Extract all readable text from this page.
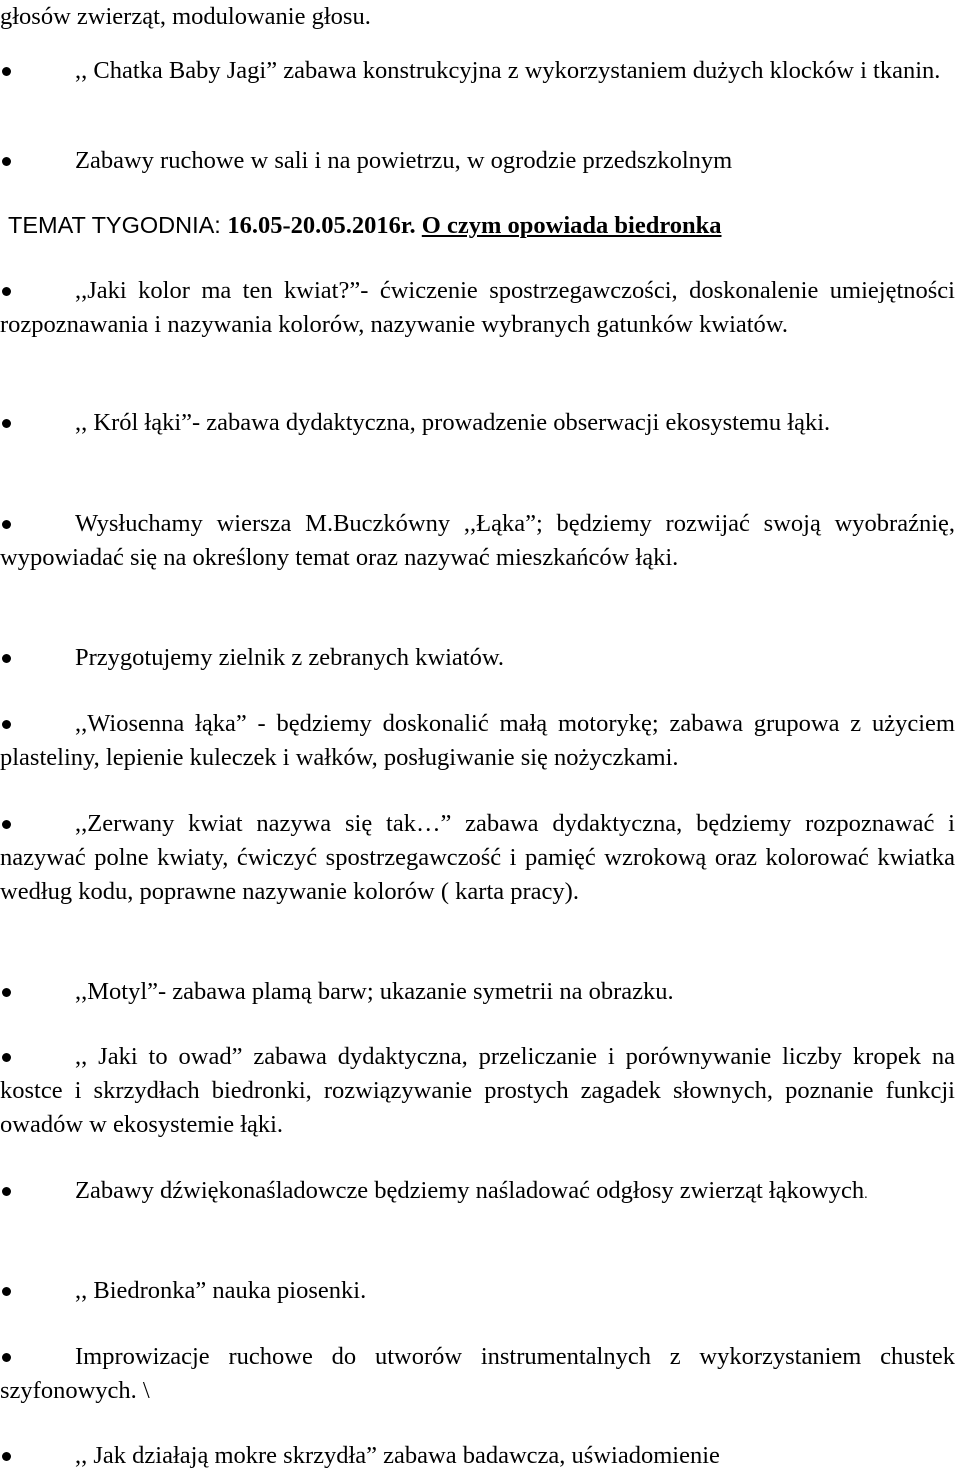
głosów zwierząt, modulowanie głosu.

,, Chatka Baby Jagi” zabawa konstrukcyjna z wykorzystaniem dużych klocków i tkanin.
Zabawy ruchowe w sali i na powietrzu, w ogrodzie przedszkolnym
TEMAT TYGODNIA: 16.05-20.05.2016r. O czym opowiada biedronka
,,Jaki kolor ma ten kwiat?”- ćwiczenie spostrzegawczości, doskonalenie umiejętności rozpoznawania i nazywania kolorów, nazywanie wybranych gatunków kwiatów.
,, Król łąki”- zabawa dydaktyczna, prowadzenie obserwacji ekosystemu łąki.
Wysłuchamy wiersza M.Buczkówny ,,Łąka”; będziemy rozwijać swoją wyobraźnię, wypowiadać się na określony temat oraz nazywać mieszkańców łąki.
Przygotujemy zielnik z zebranych kwiatów.
,,Wiosenna łąka” - będziemy doskonalić małą motorykę; zabawa grupowa z użyciem plasteliny, lepienie kuleczek i wałków, posługiwanie się nożyczkami.
,,Zerwany kwiat nazywa się tak…” zabawa dydaktyczna, będziemy rozpoznawać i nazywać polne kwiaty, ćwiczyć spostrzegawczość i pamięć wzrokową oraz kolorować kwiatka według kodu, poprawne nazywanie kolorów ( karta pracy).
,,Motyl”- zabawa plamą barw; ukazanie symetrii na obrazku.
,, Jaki to owad” zabawa dydaktyczna, przeliczanie i porównywanie liczby kropek na kostce i skrzydłach biedronki, rozwiązywanie prostych zagadek słownych, poznanie funkcji owadów w ekosystemie łąki.
Zabawy dźwiękonaśladowcze będziemy naśladować odgłosy zwierząt łąkowych.
,, Biedronka” nauka piosenki.
Improwizacje ruchowe do utworów instrumentalnych z wykorzystaniem chustek szyfonowych. \
,, Jak działają mokre skrzydła” zabawa badawcza, uświadomienie
